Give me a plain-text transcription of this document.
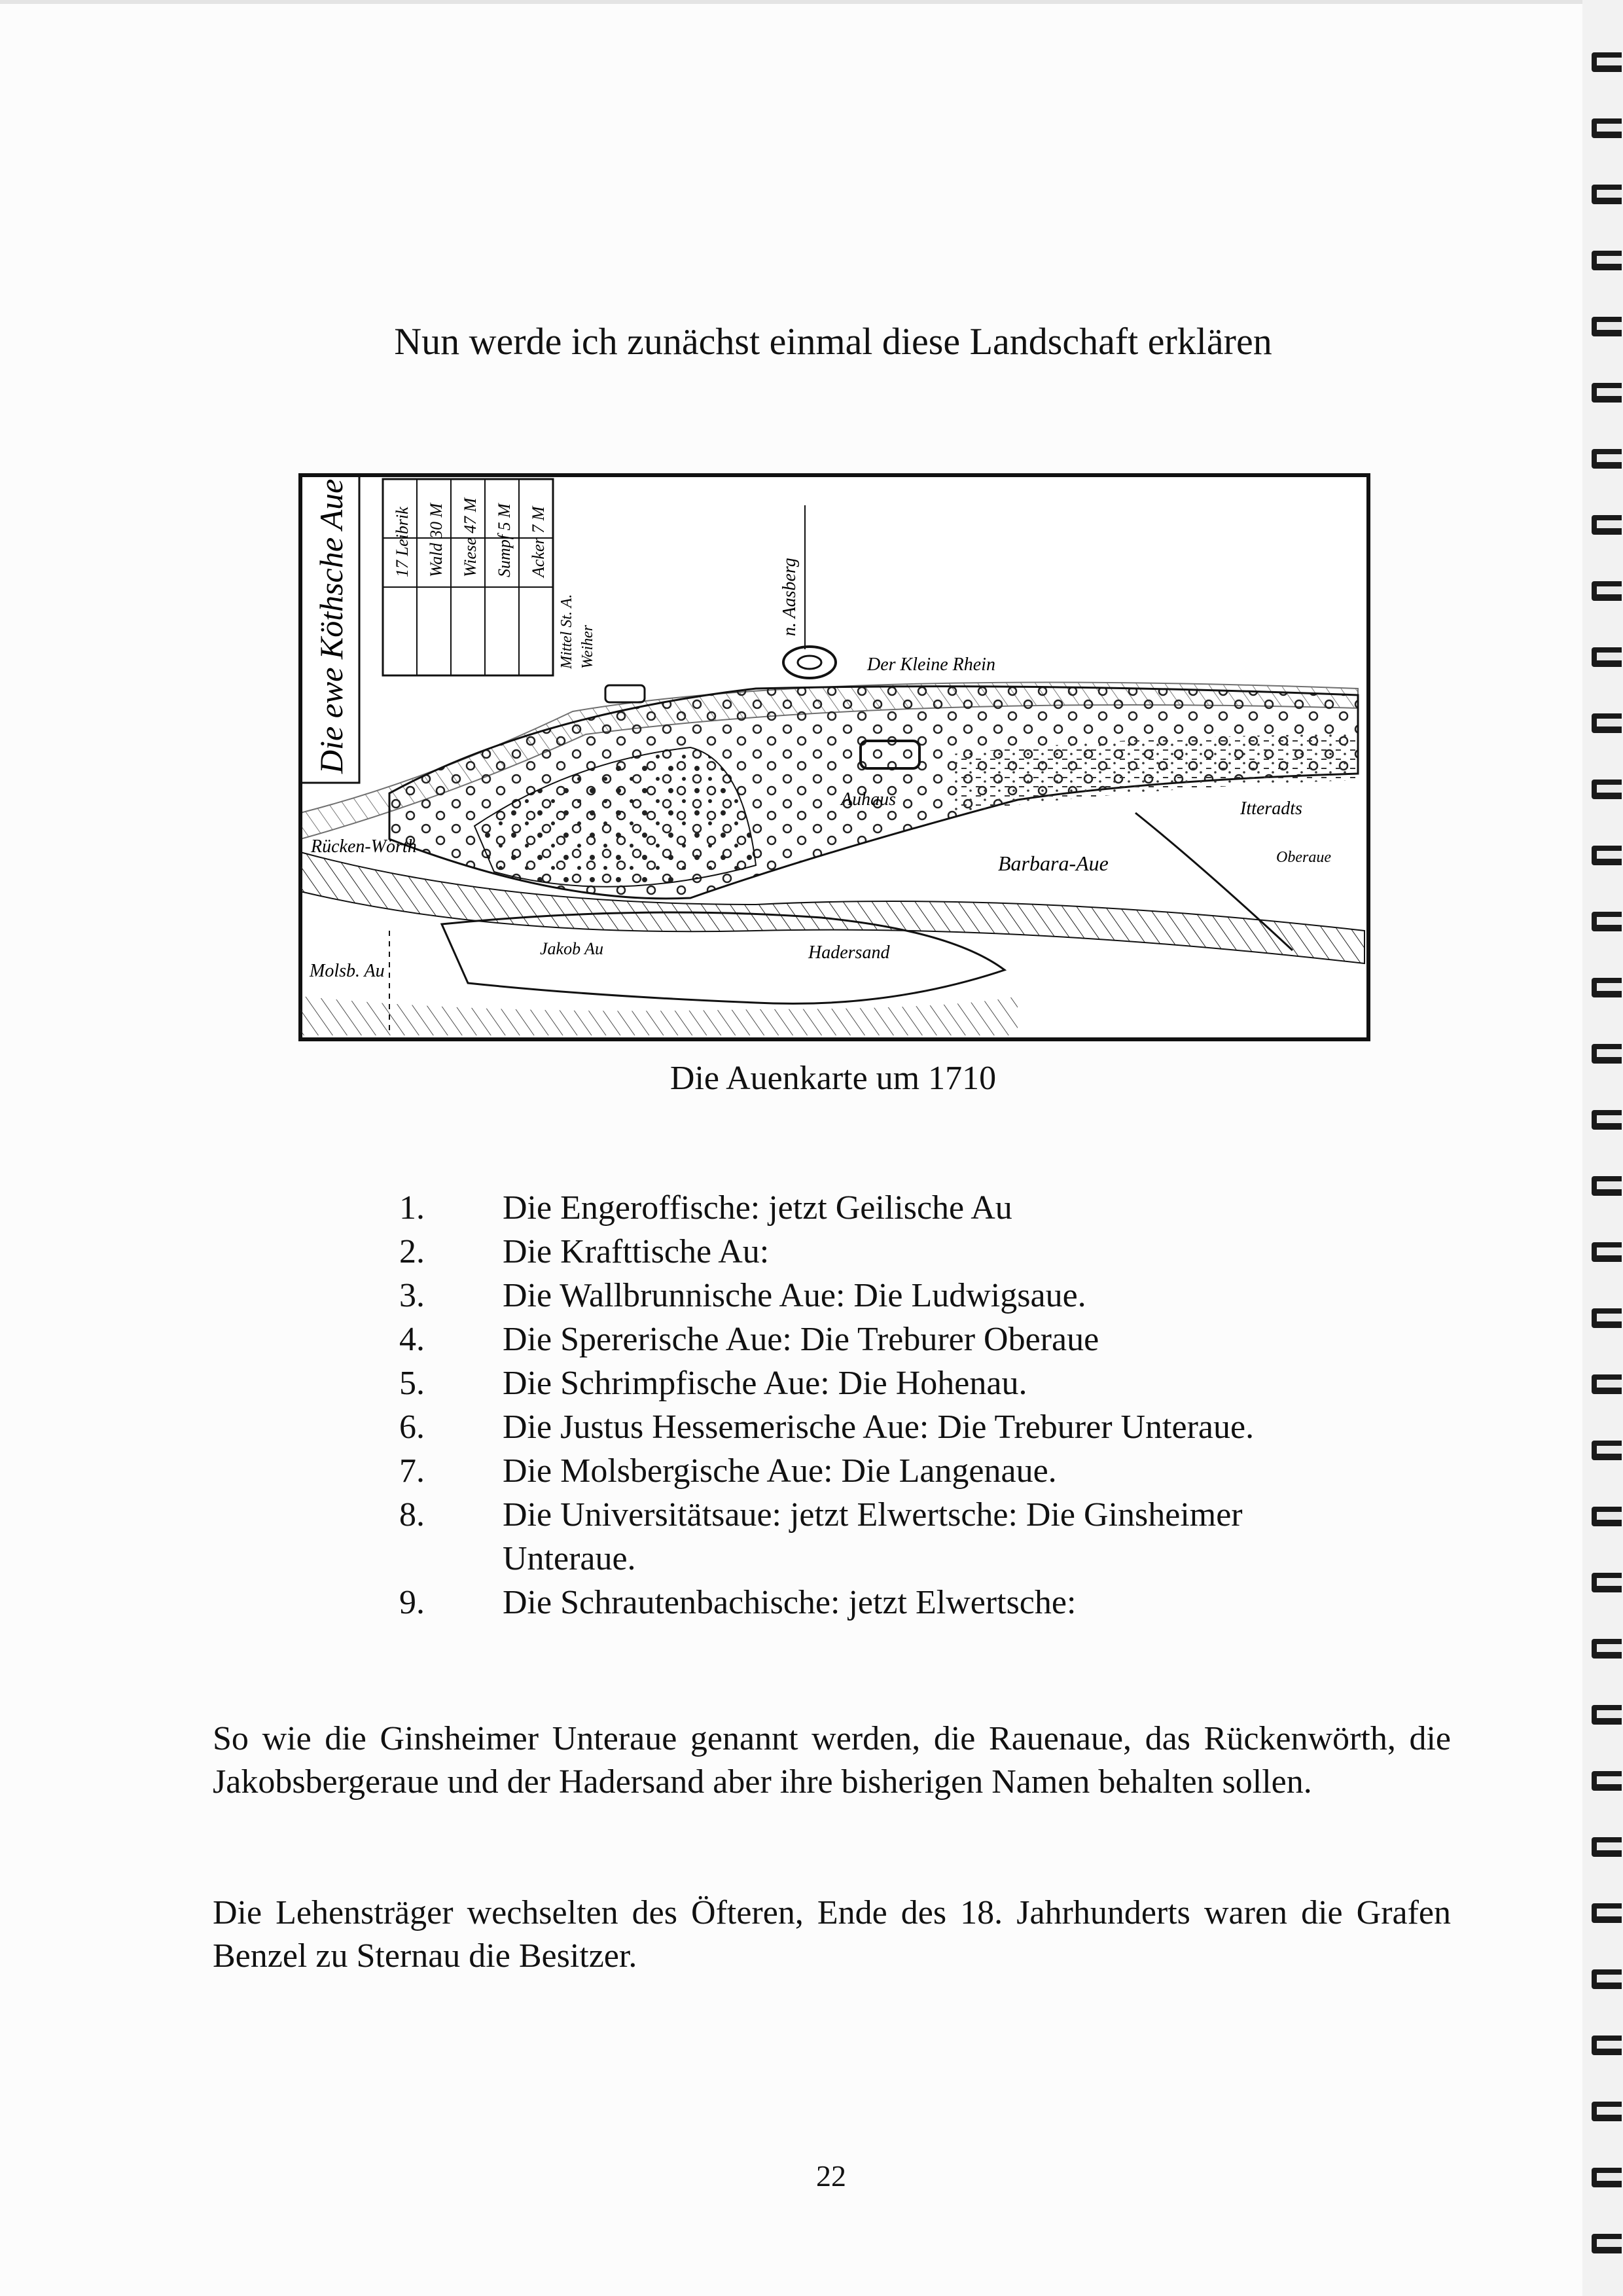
Nun werde ich zunächst einmal diese Landschaft erklären
Die ewe Köthsche Aue	17 Leibrik Wald 30 M Wiese 47 M Sumpf 5 M Acker 7 M
Mittel St. A.	n. Aasberg
Der Kleine Rhein
Weiher
Auhaus	Itteradts
Oberaue
Barbara-Aue
Rücken-Wörth
Jakob Au	Hadersand
Molsb. Au
Die Auenkarte um 1710
1.	Die Engeroffische: jetzt Geilische Au
2.	Die Krafttische Au:
3.	Die Wallbrunnische Aue: Die Ludwigsaue.
4.	Die Spererische Aue: Die Treburer Oberaue
5.	Die Schrimpfische Aue: Die Hohenau.
6.	Die Justus Hessemerische Aue: Die Treburer Unteraue.
7.	Die Molsbergische Aue: Die Langenaue.
8.	Die Universitätsaue: jetzt Elwertsche: Die Ginsheimer Unteraue.
9.	Die Schrautenbachische: jetzt Elwertsche:

So wie die Ginsheimer Unteraue genannt werden, die Rauenaue, das Rückenwörth, die Jakobsbergeraue und der Hadersand aber ihre bisherigen Namen behalten sollen.

Die Lehensträger wechselten des Öfteren, Ende des 18. Jahrhunderts waren die Grafen Benzel zu Sternau die Besitzer.

22
